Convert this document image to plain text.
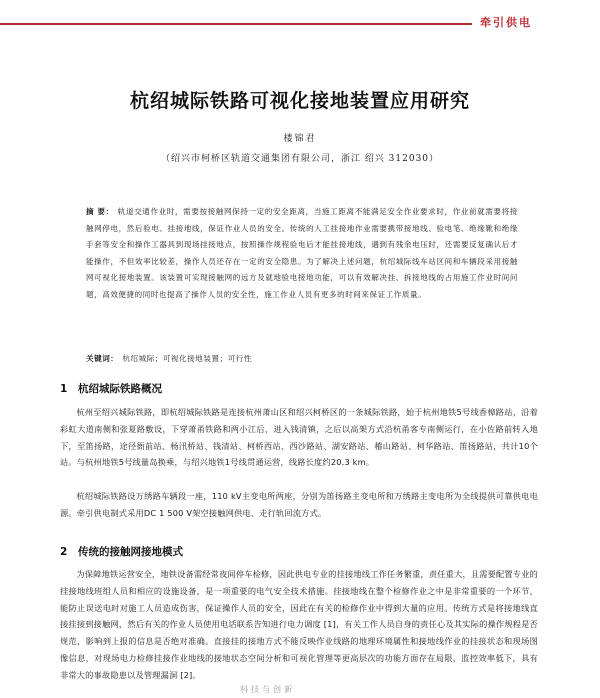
牵引供电
杭绍城际铁路可视化接地装置应用研究
楼锦君
（绍兴市柯桥区轨道交通集团有限公司，浙江 绍兴 312030）

摘 要： 轨道交通作业时，需要按接触网保持一定的安全距离，当施工距离不能满足安全作业要求时，作业前就需要将接触网停电，然后验电、挂接地线，保证作业人员的安全。传统的人工挂接地作业需要携带接地线、验电笔、绝缘靴和绝缘手套等安全和操作工器具到现场挂接地点，按照操作规程验电后才能挂接地线，遇到有残余电压时，还需要反复确认后才能操作，不但效率比较差，操作人员还存在一定的安全隐患。为了解决上述问题，杭绍城际线车站区间和车辆段采用接触网可视化接地装置。该装置可实现接触网的远方及就地验电接地功能，可以有效解决挂、拆接地线的占用施工作业时间问题，高效便捷的同时也提高了操作人员的安全性，施工作业人员有更多的时间来保证工作质量。

关键词： 杭绍城际；可视化接地装置；可行性

1 杭绍城际铁路概况

杭州至绍兴城际铁路，即杭绍城际铁路是连接杭州萧山区和绍兴柯桥区的一条城际铁路，始于杭州地铁5号线香樟路站，沿着彩虹大道南侧和张夏路敷设，下穿萧甬铁路和两小江后，进入钱清镇，之后以高架方式沿杭甬客专南侧运行，在小佐路前转入地下，至笛扬路，途径衙前站、杨汛桥站、钱清站、柯桥西站、西沙路站、湖安路站、稽山路站、柯华路站、笛扬路站，共计10个站。与杭州地铁5号线量岛换乘，与绍兴地铁1号线贯通运营，线路长度约20.3 km。

杭绍城际铁路设万绣路车辆段一座，110 kV主变电所两座，分别为笛扬路主变电所和万绣路主变电所为全线提供可靠供电电源。牵引供电制式采用DC 1 500 V架空接触网供电、走行轨回流方式。

2 传统的接触网接地模式

为保障地铁运营安全，地铁设备需经常夜间停车检修，因此供电专业的挂接地线工作任务繁重，责任重大，且需要配置专业的挂接地线班组人员和相应的设施设备，是一项重要的电气安全技术措施。挂接地线在整个检修作业之中是非常重要的一个环节，能防止误送电时对施工人员造成伤害，保证操作人员的安全，因此在有关的检修作业中得到大量的应用。传统方式是将接地线直接挂接到接触网，然后有关的作业人员使用电话联系告知进行电力调度 [1]，有关工作人员自身的责任心及其实际的操作规程是否规范，影响到上报的信息是否绝对准确。直接挂的接地方式不能反映作业线路的地理环境属性和接地线作业的挂接状态和现场图像信息，对现场电力检修挂接作业地线的接地状态空间分析和可视化管理等更高层次的功能方面存在局限，监控效率低下，具有非常大的事故隐患以及管理漏洞 [2]。

科技与创新
